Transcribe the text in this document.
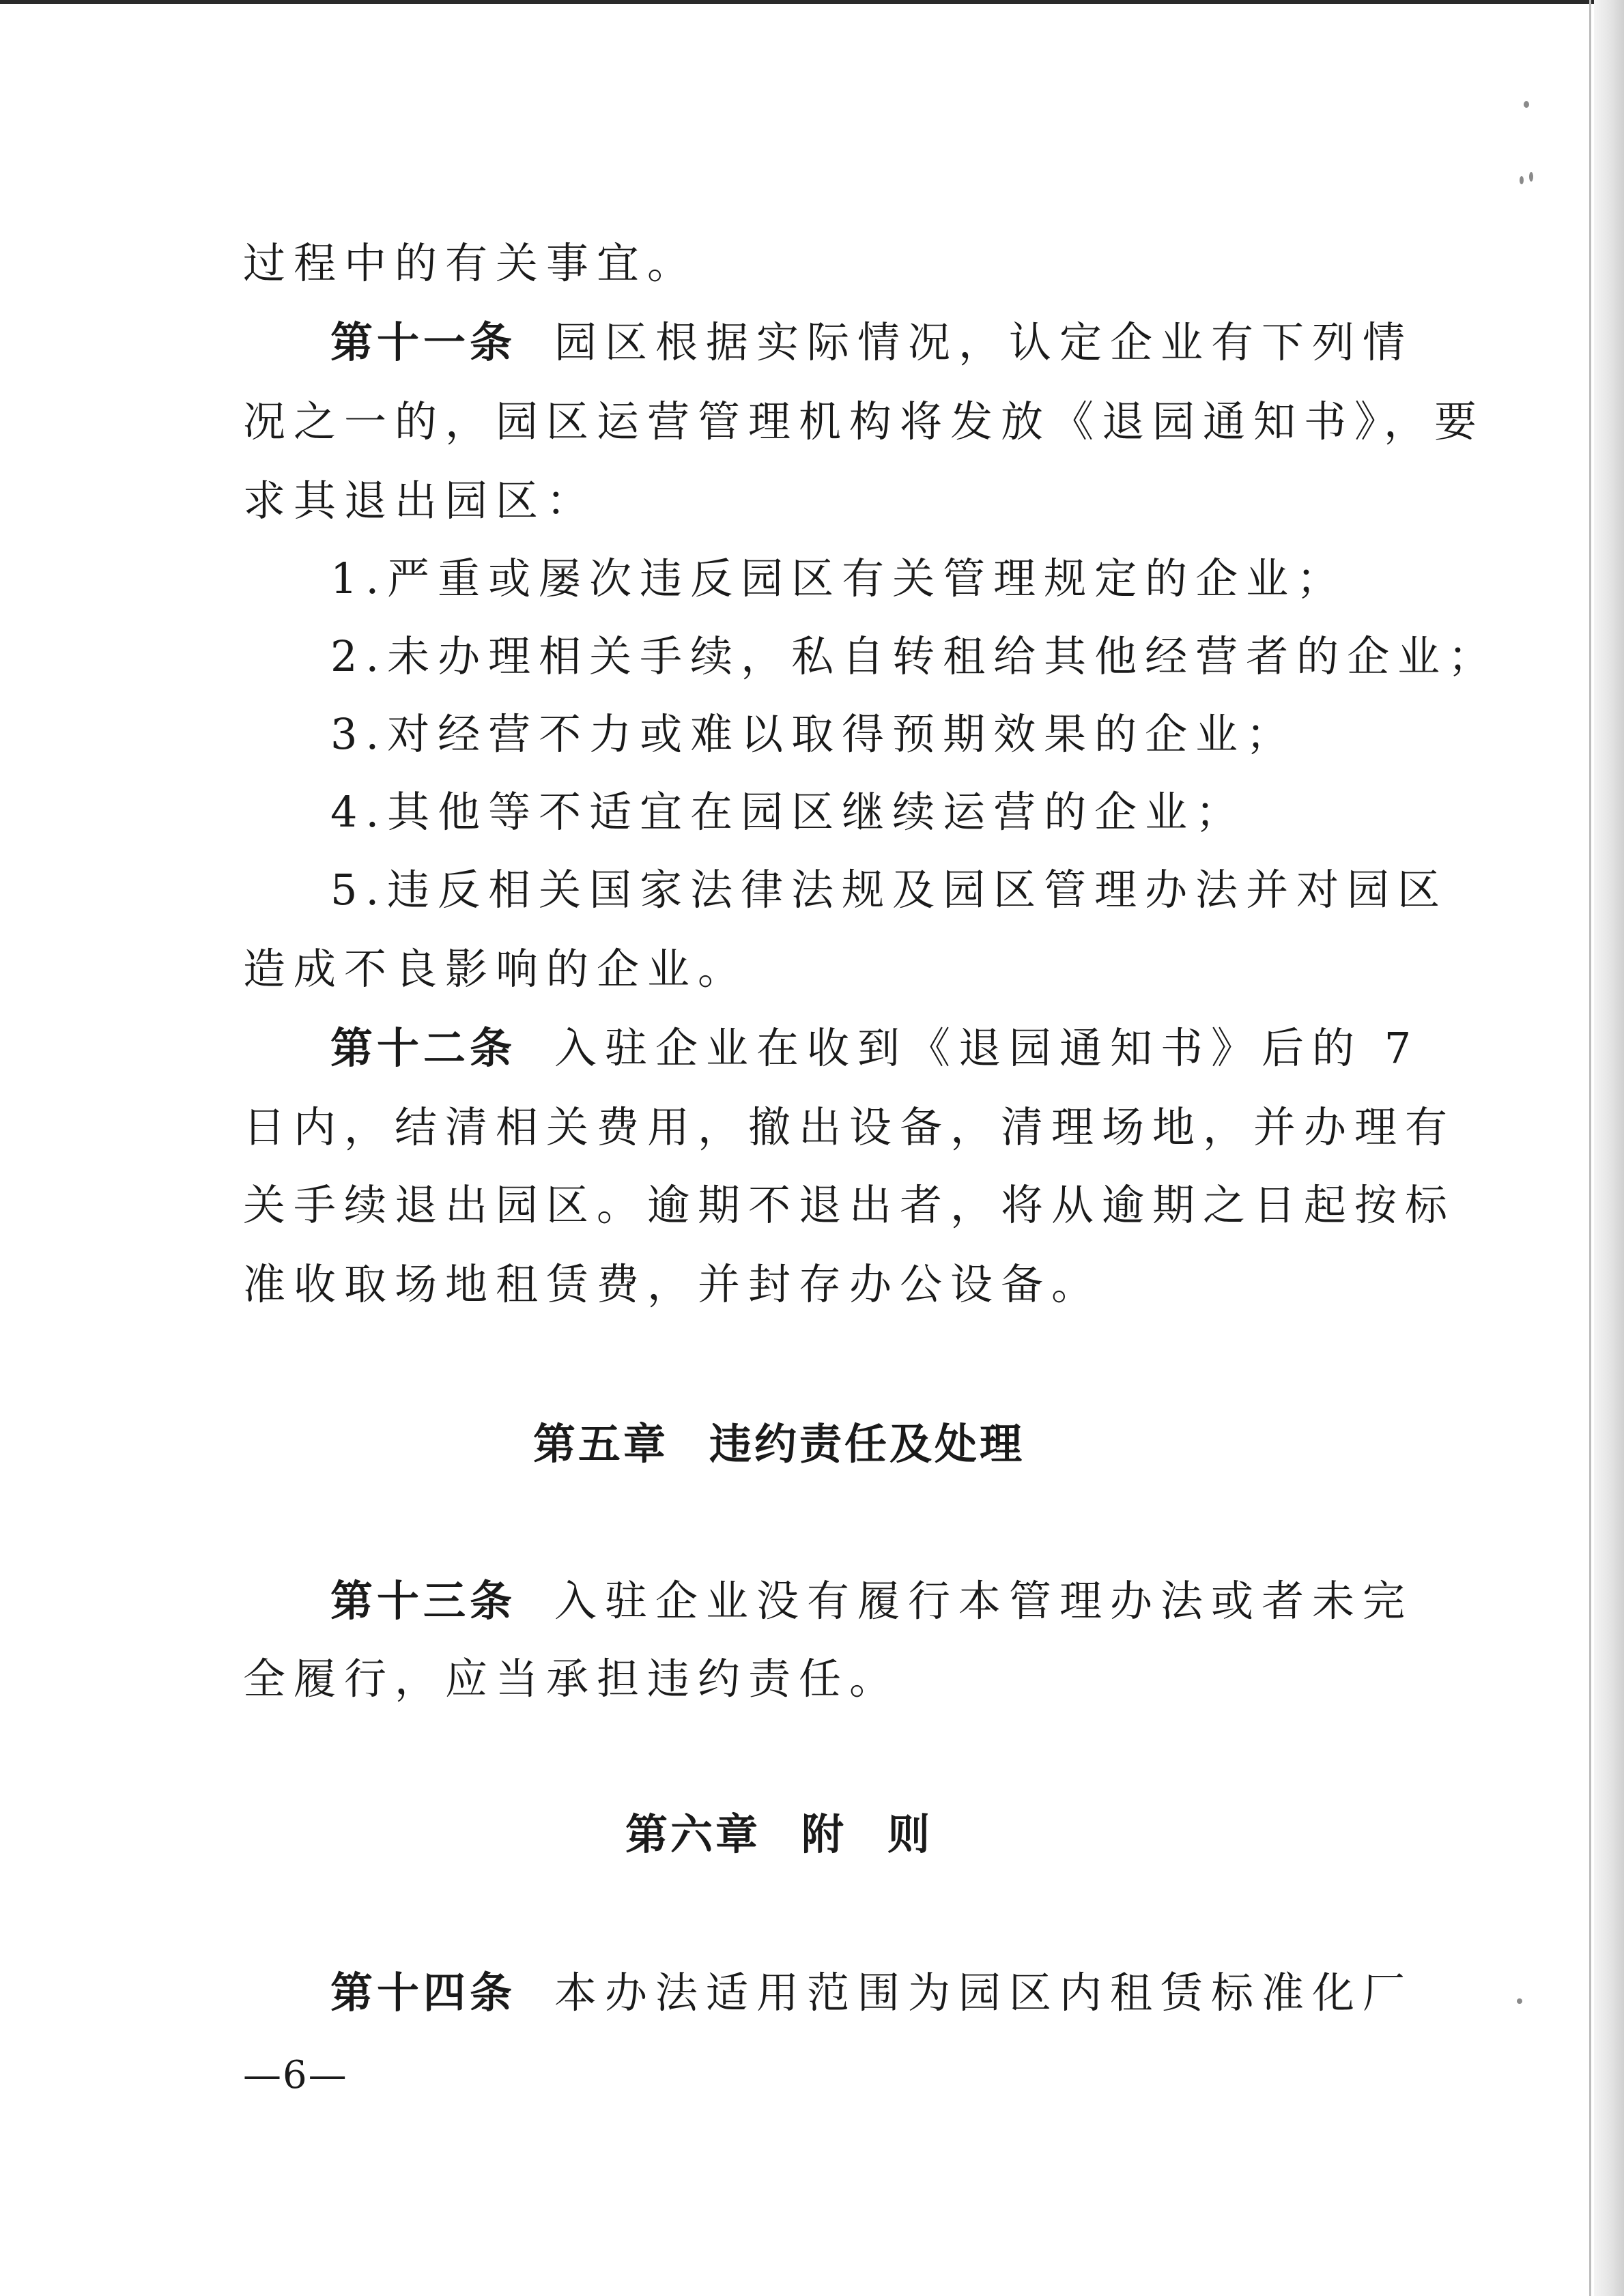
过程中的有关事宜。
第十一条 园区根据实际情况，认定企业有下列情
况之一的，园区运营管理机构将发放《退园通知书》，要
求其退出园区：
1.严重或屡次违反园区有关管理规定的企业；
2.未办理相关手续，私自转租给其他经营者的企业；
3.对经营不力或难以取得预期效果的企业；
4.其他等不适宜在园区继续运营的企业；
5.违反相关国家法律法规及园区管理办法并对园区
造成不良影响的企业。
第十二条 入驻企业在收到《退园通知书》后的 7
日内，结清相关费用，撤出设备，清理场地，并办理有
关手续退出园区。逾期不退出者，将从逾期之日起按标
准收取场地租赁费，并封存办公设备。
第五章 违约责任及处理
第十三条 入驻企业没有履行本管理办法或者未完
全履行，应当承担违约责任。
第六章 附 则
第十四条 本办法适用范围为园区内租赁标准化厂
—6—
